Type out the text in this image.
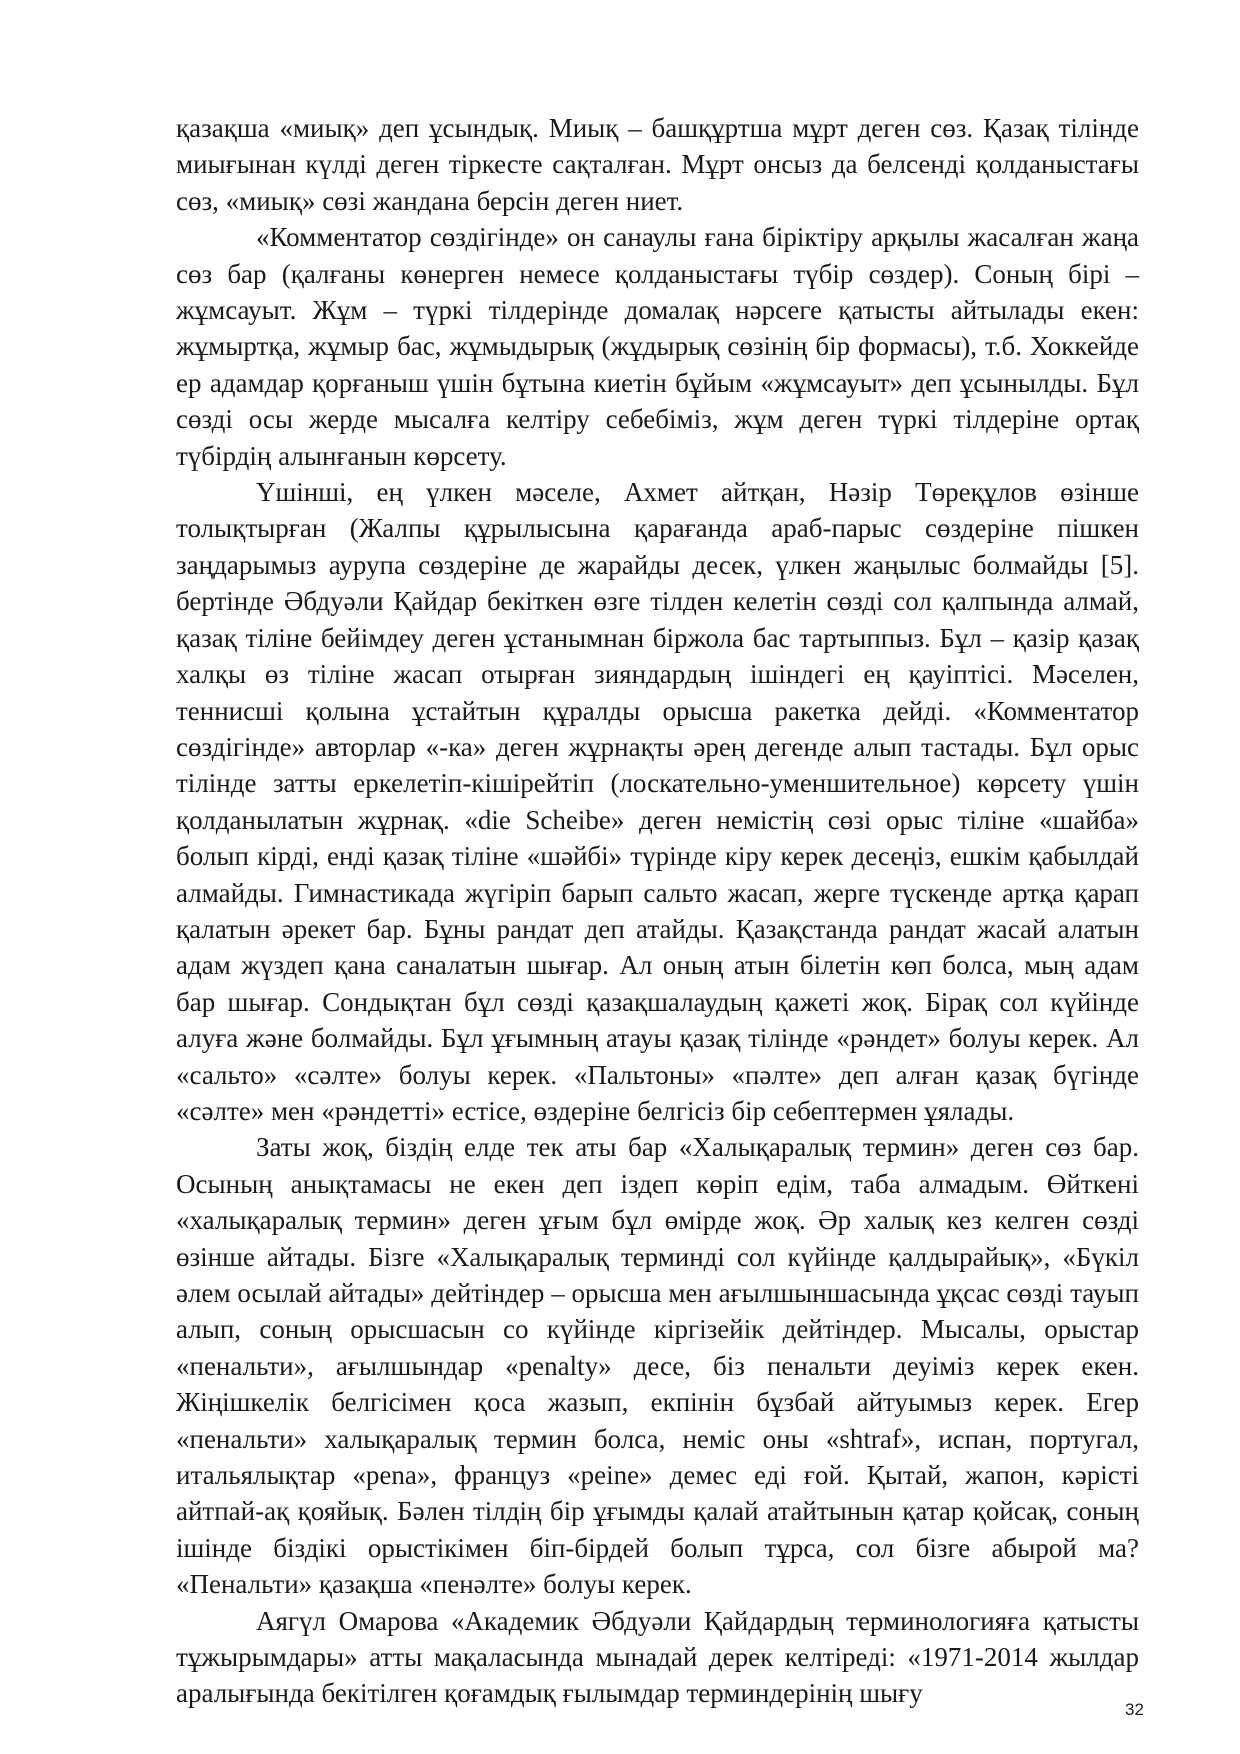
қазақша «миық» деп ұсындық. Миық – башқұртша мұрт деген сөз. Қазақ тілінде миығынан күлді деген тіркесте сақталған. Мұрт онсыз да белсенді қолданыстағы сөз, «миық» сөзі жандана берсін деген ниет.

«Комментатор сөздігінде» он санаулы ғана біріктіру арқылы жасалған жаңа сөз бар (қалғаны көнерген немесе қолданыстағы түбір сөздер). Соның бірі – жұмсауыт. Жұм – түркі тілдерінде домалақ нәрсеге қатысты айтылады екен: жұмыртқа, жұмыр бас, жұмыдырық (жұдырық сөзінің бір формасы), т.б. Хоккейде ер адамдар қорғаныш үшін бұтына киетін бұйым «жұмсауыт» деп ұсынылды. Бұл сөзді осы жерде мысалға келтіру себебіміз, жұм деген түркі тілдеріне ортақ түбірдің алынғанын көрсету.

Үшінші, ең үлкен мәселе, Ахмет айтқан, Нәзір Төреқұлов өзінше толықтырған (Жалпы құрылысына қарағанда араб-парыс сөздеріне пішкен заңдарымыз аурупа сөздеріне де жарайды десек, үлкен жаңылыс болмайды [5]. бертінде Әбдуәли Қайдар бекіткен өзге тілден келетін сөзді сол қалпында алмай, қазақ тіліне бейімдеу деген ұстанымнан біржола бас тартыппыз. Бұл – қазір қазақ халқы өз тіліне жасап отырған зияндардың ішіндегі ең қауіптісі. Мәселен, теннисші қолына ұстайтын құралды орысша ракетка дейді. «Комментатор сөздігінде» авторлар «-ка» деген жұрнақты әрең дегенде алып тастады. Бұл орыс тілінде затты еркелетіп-кішірейтіп (лоскательно-уменшительное) көрсету үшін қолданылатын жұрнақ. «die Scheibe» деген немістің сөзі орыс тіліне «шайба» болып кірді, енді қазақ тіліне «шәйбі» түрінде кіру керек десеңіз, ешкім қабылдай алмайды. Гимнастикада жүгіріп барып сальто жасап, жерге түскенде артқа қарап қалатын әрекет бар. Бұны рандат деп атайды. Қазақстанда рандат жасай алатын адам жүздеп қана саналатын шығар. Ал оның атын білетін көп болса, мың адам бар шығар. Сондықтан бұл сөзді қазақшалаудың қажеті жоқ. Бірақ сол күйінде алуға және болмайды. Бұл ұғымның атауы қазақ тілінде «рәндет» болуы керек. Ал «сальто» «сәлте» болуы керек. «Пальтоны» «пәлте» деп алған қазақ бүгінде «сәлте» мен «рәндетті» естісе, өздеріне белгісіз бір себептермен ұялады.

Заты жоқ, біздің елде тек аты бар «Халықаралық термин» деген сөз бар. Осының анықтамасы не екен деп іздеп көріп едім, таба алмадым. Өйткені «халықаралық термин» деген ұғым бұл өмірде жоқ. Әр халық кез келген сөзді өзінше айтады. Бізге «Халықаралық терминді сол күйінде қалдырайық», «Бүкіл әлем осылай айтады» дейтіндер – орысша мен ағылшыншасында ұқсас сөзді тауып алып, соның орысшасын со күйінде кіргізейік дейтіндер. Мысалы, орыстар «пенальти», ағылшындар «penalty» десе, біз пенальти деуіміз керек екен. Жіңішкелік белгісімен қоса жазып, екпінін бұзбай айтуымыз керек. Егер «пенальти» халықаралық термин болса, неміс оны «shtraf», испан, португал, итальялықтар «pena», француз «peine» демес еді ғой. Қытай, жапон, кәрісті айтпай-ақ қояйық. Бәлен тілдің бір ұғымды қалай атайтынын қатар қойсақ, соның ішінде біздікі орыстікімен біп-бірдей болып тұрса, сол бізге абырой ма? «Пенальти» қазақша «пенәлте» болуы керек.

Аягүл Омарова «Академик Әбдуәли Қайдардың терминологияға қатысты тұжырымдары» атты мақаласында мынадай дерек келтіреді: «1971-2014 жылдар аралығында бекітілген қоғамдық ғылымдар терминдерінің шығу

32
